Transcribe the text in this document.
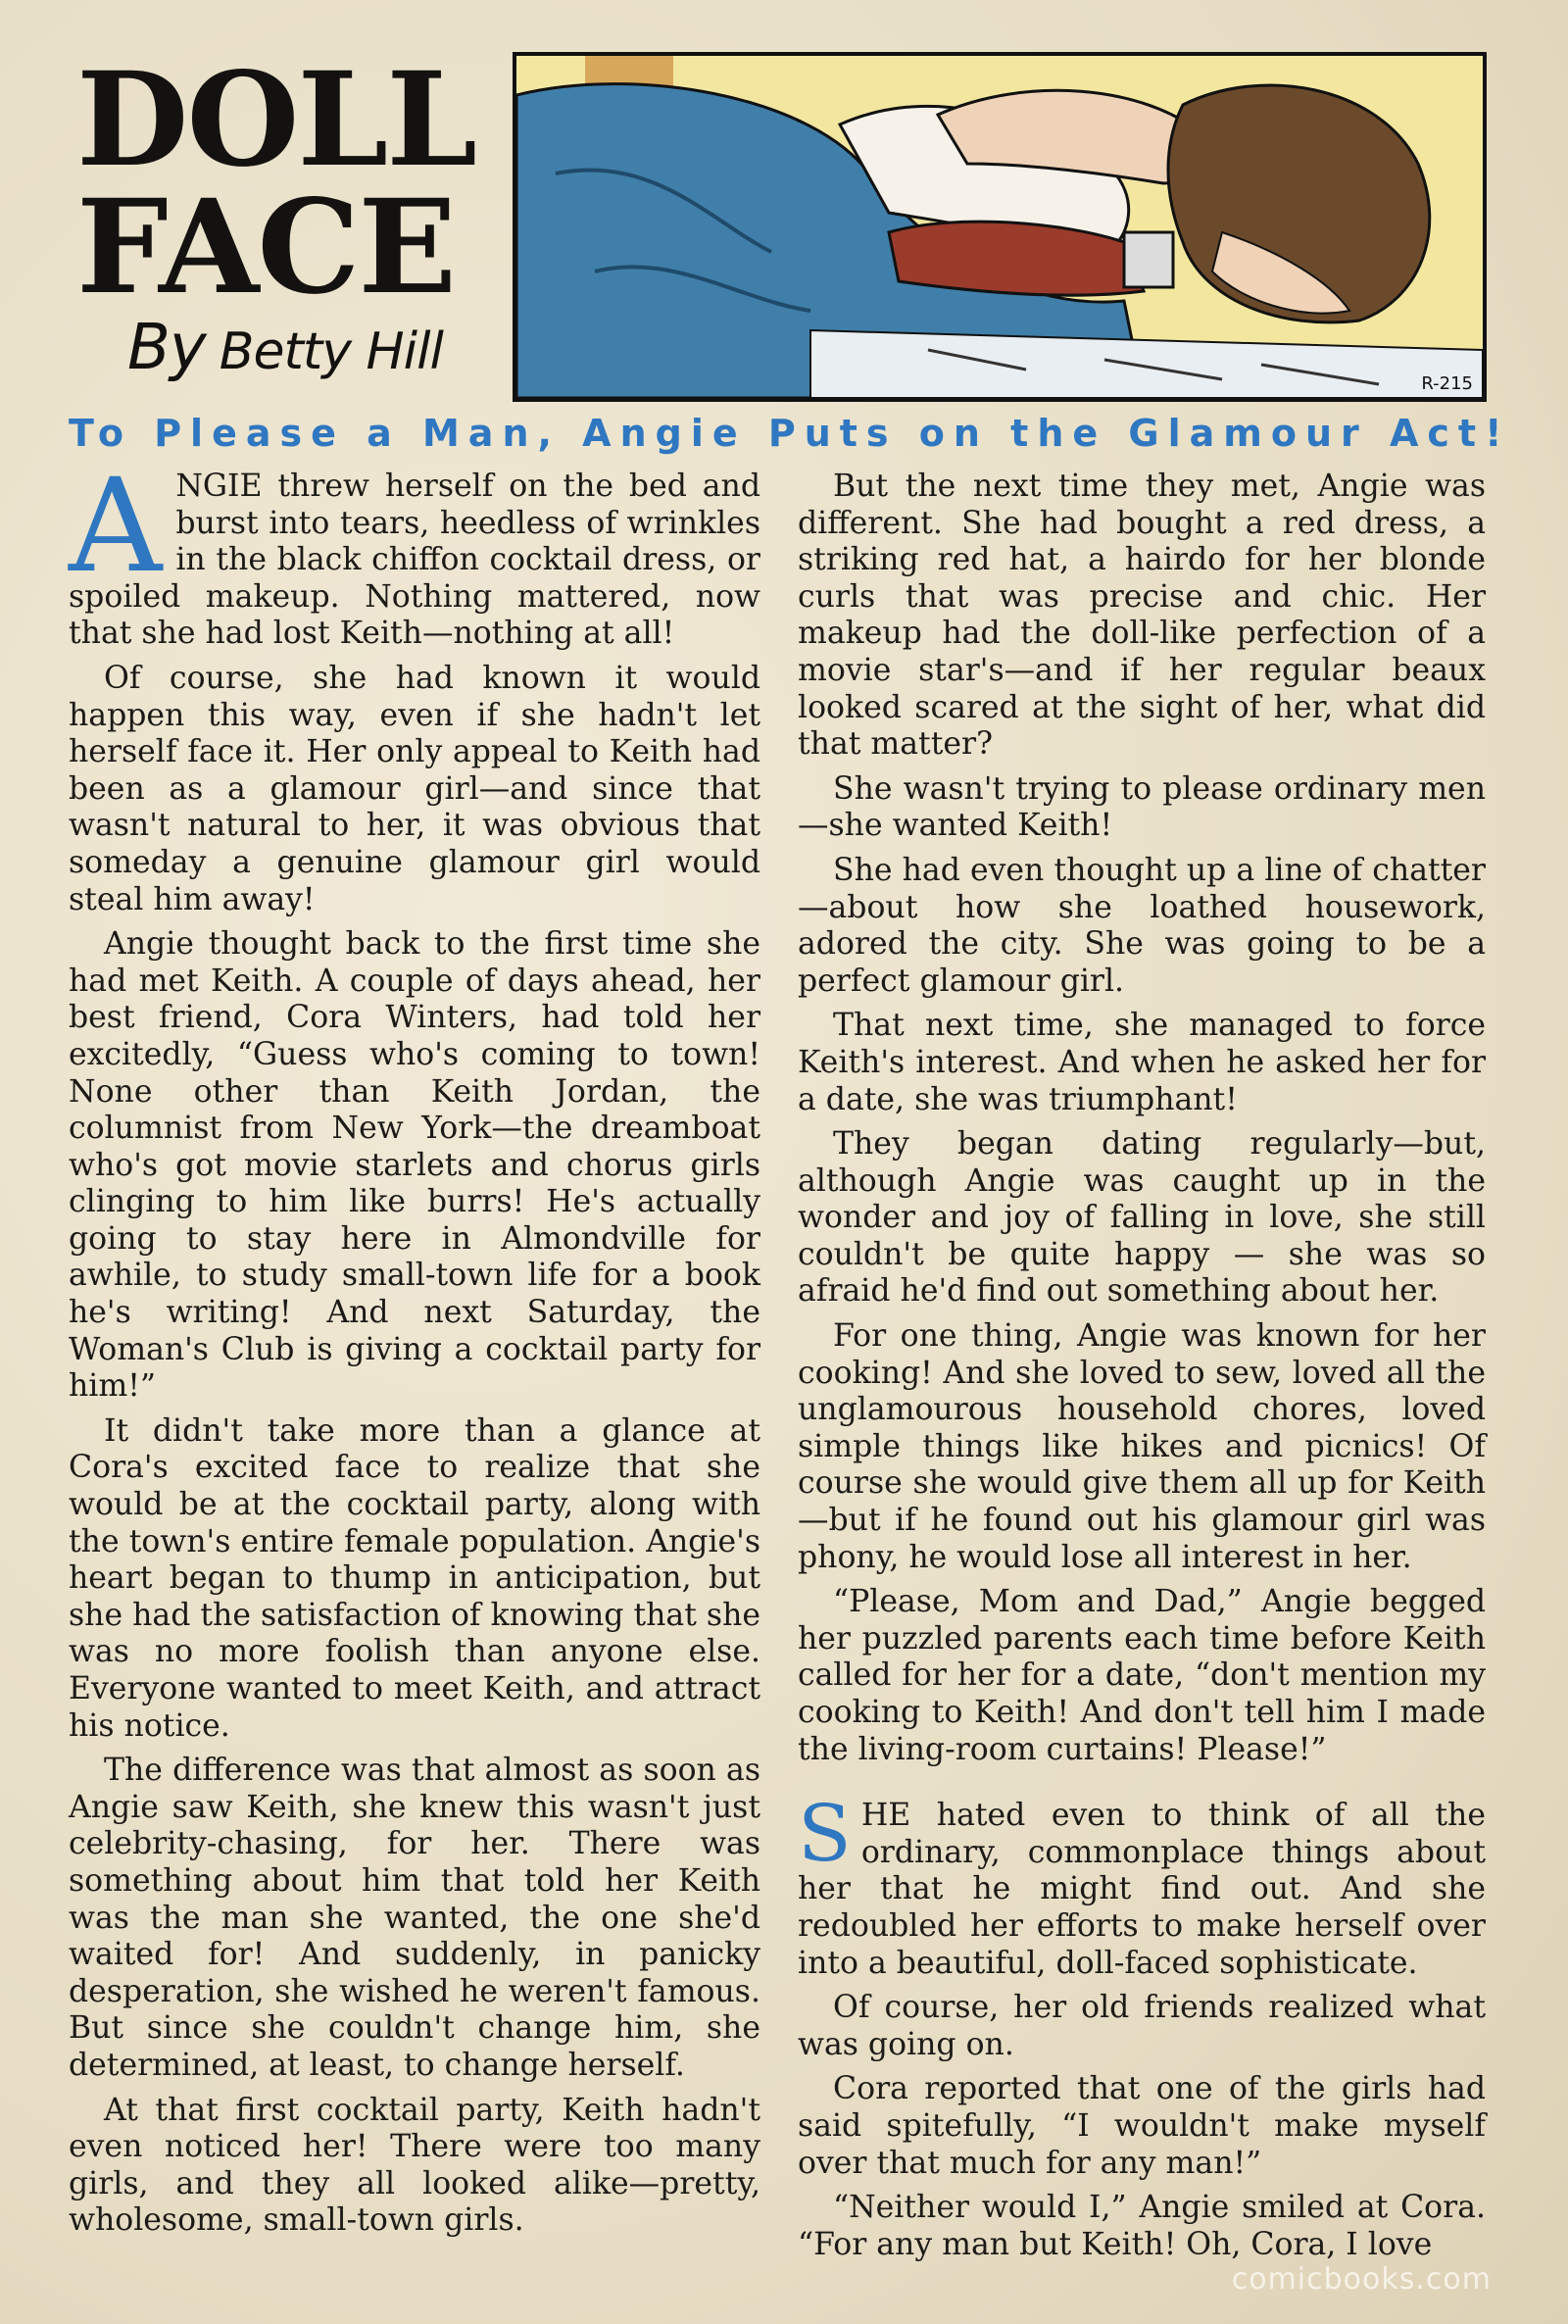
DOLL
FACE
By Betty Hill
R-215
To Please a Man, Angie Puts on the Glamour Act!

ANGIE threw herself on the bed and burst into tears, heedless of wrinkles in the black chiffon cocktail dress, or spoiled makeup. Nothing mattered, now that she had lost Keith—nothing at all!

Of course, she had known it would happen this way, even if she hadn't let herself face it. Her only appeal to Keith had been as a glamour girl—and since that wasn't natural to her, it was obvious that someday a genuine glamour girl would steal him away!

Angie thought back to the first time she had met Keith. A couple of days ahead, her best friend, Cora Winters, had told her excitedly, “Guess who's coming to town! None other than Keith Jordan, the columnist from New York—the dreamboat who's got movie starlets and chorus girls clinging to him like burrs! He's actually going to stay here in Almondville for awhile, to study small-town life for a book he's writing! And next Saturday, the Woman's Club is giving a cocktail party for him!”

It didn't take more than a glance at Cora's excited face to realize that she would be at the cocktail party, along with the town's entire female population. Angie's heart began to thump in anticipation, but she had the satisfaction of knowing that she was no more foolish than anyone else. Everyone wanted to meet Keith, and attract his notice.

The difference was that almost as soon as Angie saw Keith, she knew this wasn't just celebrity-chasing, for her. There was something about him that told her Keith was the man she wanted, the one she'd waited for! And suddenly, in panicky desperation, she wished he weren't famous. But since she couldn't change him, she determined, at least, to change herself.

At that first cocktail party, Keith hadn't even noticed her! There were too many girls, and they all looked alike—pretty, wholesome, small-town girls.

But the next time they met, Angie was different. She had bought a red dress, a striking red hat, a hairdo for her blonde curls that was precise and chic. Her makeup had the doll-like perfection of a movie star's—and if her regular beaux looked scared at the sight of her, what did that matter?

She wasn't trying to please ordinary men—she wanted Keith!

She had even thought up a line of chatter—about how she loathed housework, adored the city. She was going to be a perfect glamour girl.

That next time, she managed to force Keith's interest. And when he asked her for a date, she was triumphant!

They began dating regularly—but, although Angie was caught up in the wonder and joy of falling in love, she still couldn't be quite happy — she was so afraid he'd find out something about her.

For one thing, Angie was known for her cooking! And she loved to sew, loved all the unglamourous household chores, loved simple things like hikes and picnics! Of course she would give them all up for Keith—but if he found out his glamour girl was phony, he would lose all interest in her.

“Please, Mom and Dad,” Angie begged her puzzled parents each time before Keith called for her for a date, “don't mention my cooking to Keith! And don't tell him I made the living-room curtains! Please!”

SHE hated even to think of all the ordinary, commonplace things about her that he might find out. And she redoubled her efforts to make herself over into a beautiful, doll-faced sophisticate.

Of course, her old friends realized what was going on.

Cora reported that one of the girls had said spitefully, “I wouldn't make myself over that much for any man!”

“Neither would I,” Angie smiled at Cora. “For any man but Keith! Oh, Cora, I love

comicbooks.com
